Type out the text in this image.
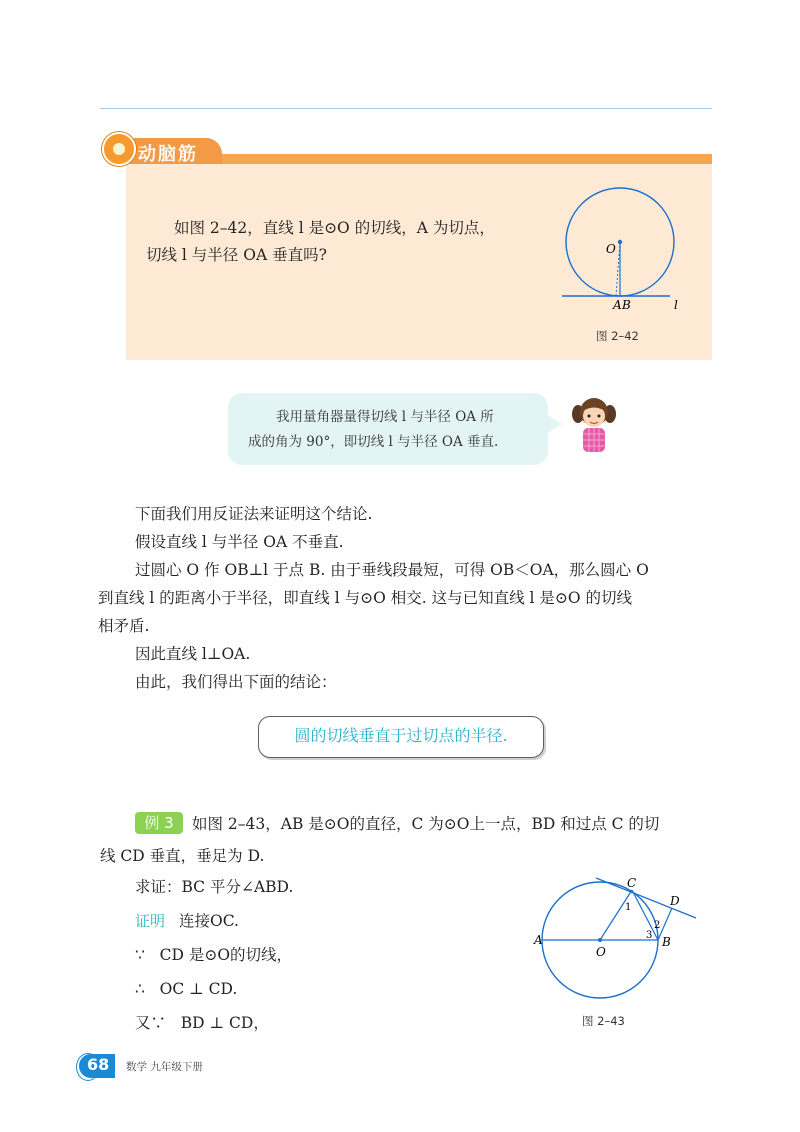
动脑筋

如图 2–42，直线 l 是⊙O 的切线，A 为切点，

切线 l 与半径 OA 垂直吗?	O
A B	l
图 2–42

我用量角器量得切线 l 与半径 OA 所

成的角为 90°，即切线 l 与半径 OA 垂直.

下面我们用反证法来证明这个结论.

假设直线 l 与半径 OA 不垂直.

过圆心 O 作 OB⊥l 于点 B. 由于垂线段最短，可得 OB＜OA，那么圆心 O

到直线 l 的距离小于半径，即直线 l 与⊙O 相交. 这与已知直线 l 是⊙O 的切线

相矛盾.

因此直线 l⊥OA.

由此，我们得出下面的结论：

圆的切线垂直于过切点的半径.

如图 2–43，AB 是⊙O的直径，C 为⊙O上一点，BD 和过点 C 的切

线 CD 垂直，垂足为 D.

例 3

求证：BC 平分∠ABD.

证明 连接OC.

∵   CD 是⊙O的切线，

∴   OC ⊥ CD.

又∵   BD ⊥ CD，

C
D
A
O
B
1
2
3
图 2–43
68 数学 九年级下册
